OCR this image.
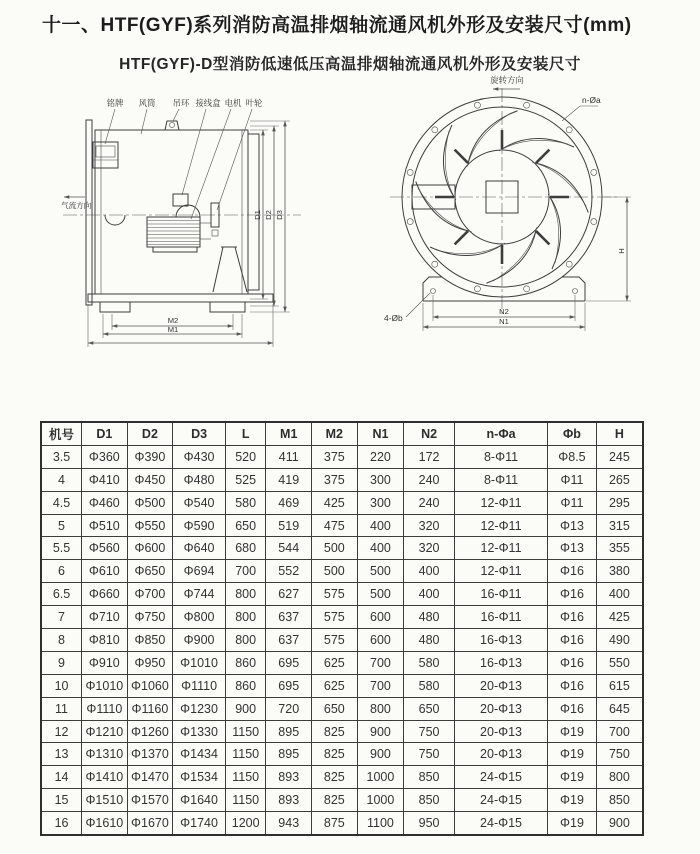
十一、HTF(GYF)系列消防高温排烟轴流通风机外形及安装尺寸(mm)
HTF(GYF)-D型消防低速低压高温排烟轴流通风机外形及安装尺寸
铭牌 风筒 吊环 接线盒 电机 叶轮
气流方向
D1 D2 D3
M2
M1
旋转方向
n-Øa
4-Øb
N2
N1
H
机号	D1	D2	D3	L	M1	M2	N1	N2	n-Φa	Φb	H
3.5	Φ360	Φ390	Φ430	520	411	375	220	172	8-Φ11	Φ8.5	245
4	Φ410	Φ450	Φ480	525	419	375	300	240	8-Φ11	Φ11	265
4.5	Φ460	Φ500	Φ540	580	469	425	300	240	12-Φ11	Φ11	295
5	Φ510	Φ550	Φ590	650	519	475	400	320	12-Φ11	Φ13	315
5.5	Φ560	Φ600	Φ640	680	544	500	400	320	12-Φ11	Φ13	355
6	Φ610	Φ650	Φ694	700	552	500	500	400	12-Φ11	Φ16	380
6.5	Φ660	Φ700	Φ744	800	627	575	500	400	16-Φ11	Φ16	400
7	Φ710	Φ750	Φ800	800	637	575	600	480	16-Φ11	Φ16	425
8	Φ810	Φ850	Φ900	800	637	575	600	480	16-Φ13	Φ16	490
9	Φ910	Φ950	Φ1010	860	695	625	700	580	16-Φ13	Φ16	550
10	Φ1010	Φ1060	Φ1110	860	695	625	700	580	20-Φ13	Φ16	615
11	Φ1110	Φ1160	Φ1230	900	720	650	800	650	20-Φ13	Φ16	645
12	Φ1210	Φ1260	Φ1330	1150	895	825	900	750	20-Φ13	Φ19	700
13	Φ1310	Φ1370	Φ1434	1150	895	825	900	750	20-Φ13	Φ19	750
14	Φ1410	Φ1470	Φ1534	1150	893	825	1000	850	24-Φ15	Φ19	800
15	Φ1510	Φ1570	Φ1640	1150	893	825	1000	850	24-Φ15	Φ19	850
16	Φ1610	Φ1670	Φ1740	1200	943	875	1100	950	24-Φ15	Φ19	900
